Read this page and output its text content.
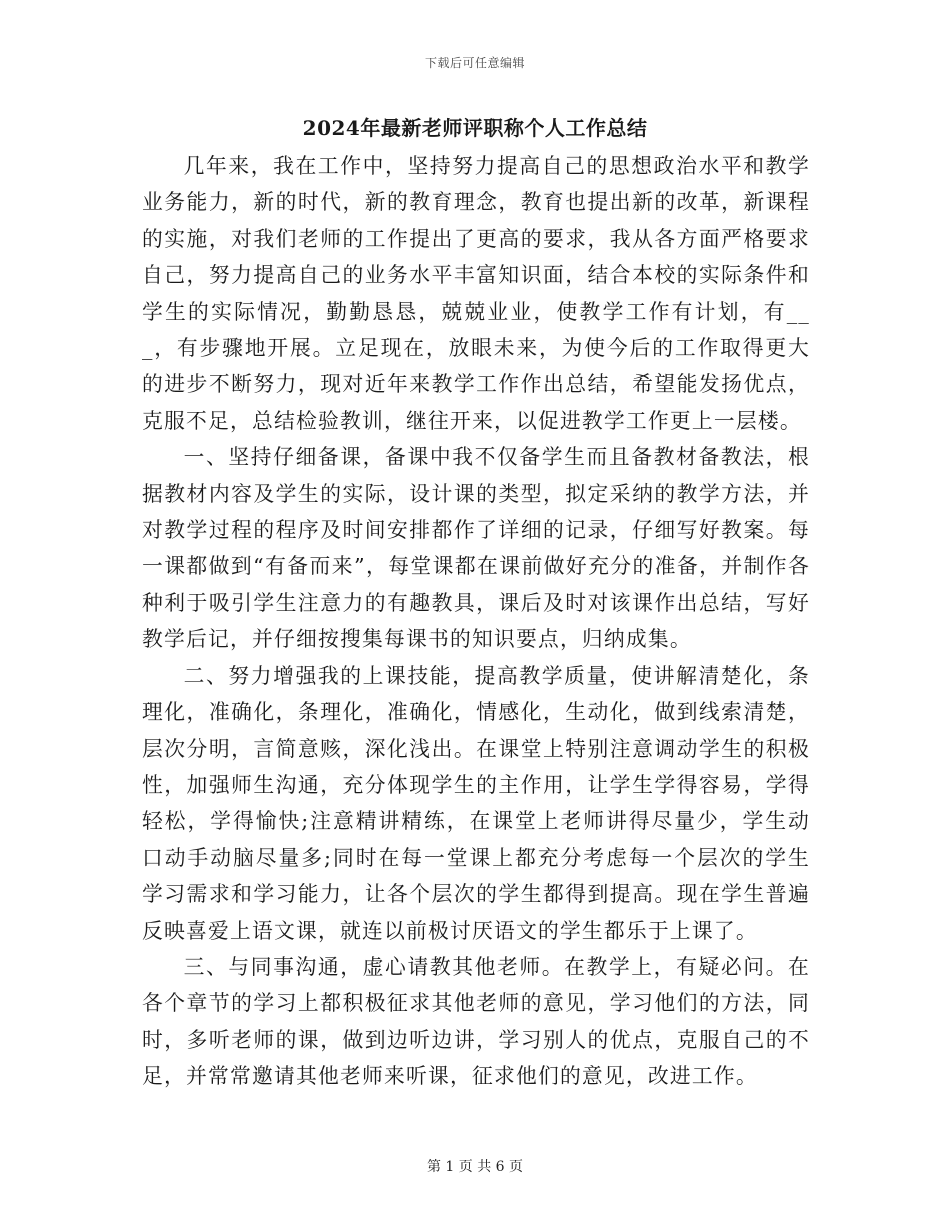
下载后可任意编辑
2024年最新老师评职称个人工作总结

几年来，我在工作中，坚持努力提高自己的思想政治水平和教学业务能力，新的时代，新的教育理念，教育也提出新的改革，新课程的实施，对我们老师的工作提出了更高的要求，我从各方面严格要求自己，努力提高自己的业务水平丰富知识面，结合本校的实际条件和学生的实际情况，勤勤恳恳，兢兢业业，使教学工作有计划，有___，有步骤地开展。立足现在，放眼未来，为使今后的工作取得更大的进步不断努力，现对近年来教学工作作出总结，希望能发扬优点，克服不足，总结检验教训，继往开来，以促进教学工作更上一层楼。

一、坚持仔细备课，备课中我不仅备学生而且备教材备教法，根据教材内容及学生的实际，设计课的类型，拟定采纳的教学方法，并对教学过程的程序及时间安排都作了详细的记录，仔细写好教案。每一课都做到“有备而来”，每堂课都在课前做好充分的准备，并制作各种利于吸引学生注意力的有趣教具，课后及时对该课作出总结，写好教学后记，并仔细按搜集每课书的知识要点，归纳成集。

二、努力增强我的上课技能，提高教学质量，使讲解清楚化，条理化，准确化，条理化，准确化，情感化，生动化，做到线索清楚，层次分明，言简意赅，深化浅出。在课堂上特别注意调动学生的积极性，加强师生沟通，充分体现学生的主作用，让学生学得容易，学得轻松，学得愉快;注意精讲精练，在课堂上老师讲得尽量少，学生动口动手动脑尽量多;同时在每一堂课上都充分考虑每一个层次的学生学习需求和学习能力，让各个层次的学生都得到提高。现在学生普遍反映喜爱上语文课，就连以前极讨厌语文的学生都乐于上课了。

三、与同事沟通，虚心请教其他老师。在教学上，有疑必问。在各个章节的学习上都积极征求其他老师的意见，学习他们的方法，同时，多听老师的课，做到边听边讲，学习别人的优点，克服自己的不足，并常常邀请其他老师来听课，征求他们的意见，改进工作。

第 1 页 共 6 页
